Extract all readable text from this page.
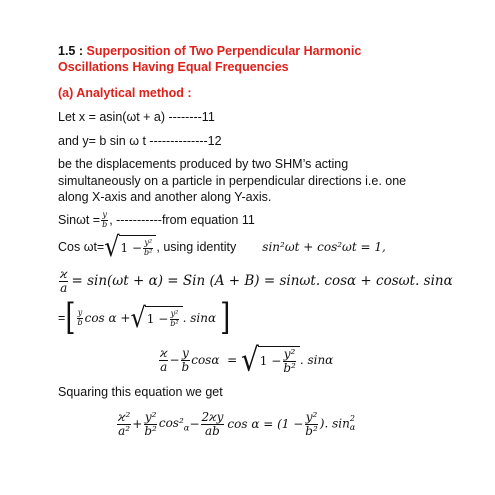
1.5 : Superposition of Two Perpendicular Harmonic
Oscillations Having Equal Frequencies
(a) Analytical method :
Let x = asin(ωt + a) --------11
and y= b sin ω t --------------12
be the displacements produced by two SHM’s acting
simultaneously on a particle in perpendicular directions i.e. one
along X-axis and another along Y-axis.
$Sin\omega t = \frac{y}{b}$ , -----------from equation 11
Cos ωt= √ $1 - \frac{\text{y²}}{\text{b²}}$ , using identity sin²ωt + cos²ωt = 1,
$\frac{ϰ}{a} = \sin(\omega t + \alpha)$ = Sin (A + B) = sinωt. cosα + cosωt. sinα
= [ $\frac{y}{b}$ cos α + √ $1 - \frac{\text{y²}}{\text{b²}}$ . sinα ]
$\frac{ϰ}{a} - \frac{y}{b}$ cosα  = √ $1 - \frac{\text{y²}}{\text{b²}}$ . sinα
Squaring this equation we get
$\frac{\text{ϰ²}}{\text{a²}} + \frac{\text{y²}}{\text{b²}} \cos^2_\alpha - \frac{2ϰy}{ab}$ $\cos \alpha = (1 - \frac{\text{y²}}{\text{b²}}$ ). sin 2
α
